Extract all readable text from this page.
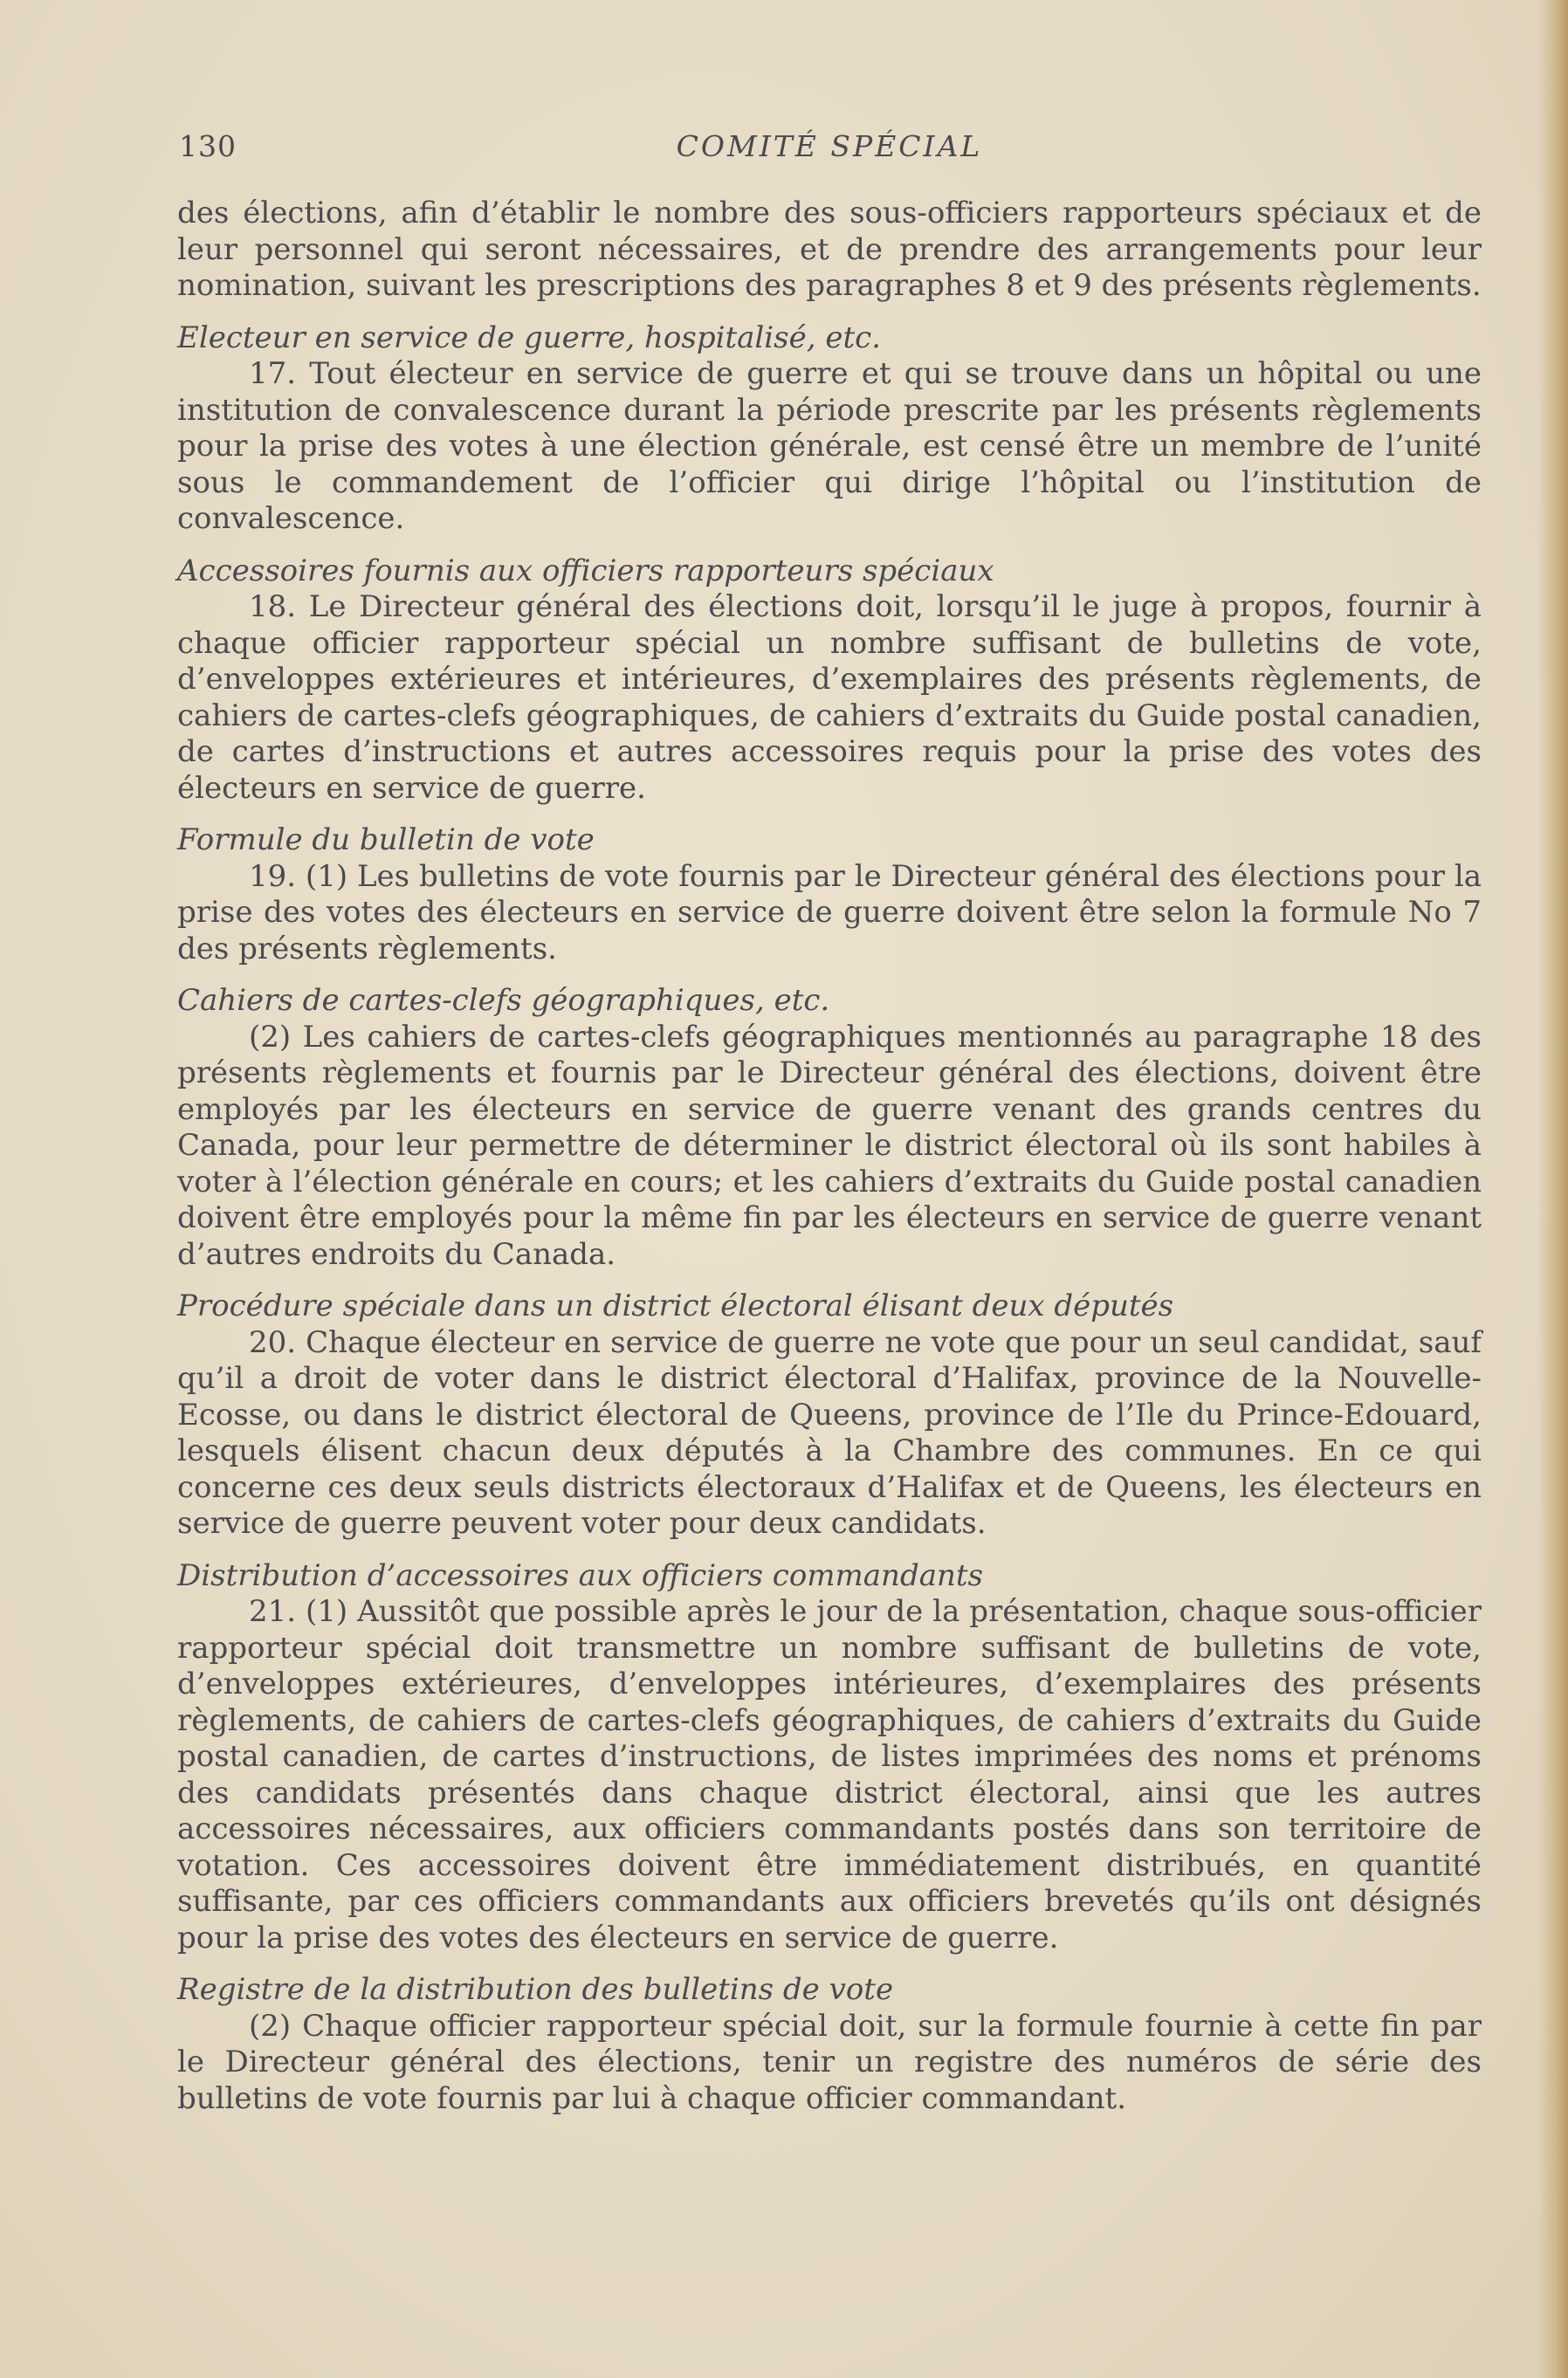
130	COMITÉ SPÉCIAL

des élections, afin d’établir le nombre des sous-officiers rapporteurs spéciaux et de leur personnel qui seront nécessaires, et de prendre des arrangements pour leur nomination, suivant les prescriptions des paragraphes 8 et 9 des présents règlements.

Electeur en service de guerre, hospitalisé, etc.

17. Tout électeur en service de guerre et qui se trouve dans un hôpital ou une institution de convalescence durant la période prescrite par les présents règlements pour la prise des votes à une élection générale, est censé être un membre de l’unité sous le commandement de l’officier qui dirige l’hôpital ou l’institution de convalescence.

Accessoires fournis aux officiers rapporteurs spéciaux

18. Le Directeur général des élections doit, lorsqu’il le juge à propos, fournir à chaque officier rapporteur spécial un nombre suffisant de bulletins de vote, d’enveloppes extérieures et intérieures, d’exemplaires des présents règlements, de cahiers de cartes-clefs géographiques, de cahiers d’extraits du Guide postal canadien, de cartes d’instructions et autres accessoires requis pour la prise des votes des électeurs en service de guerre.

Formule du bulletin de vote

19. (1) Les bulletins de vote fournis par le Directeur général des élections pour la prise des votes des électeurs en service de guerre doivent être selon la formule No 7 des présents règlements.

Cahiers de cartes-clefs géographiques, etc.

(2) Les cahiers de cartes-clefs géographiques mentionnés au paragraphe 18 des présents règlements et fournis par le Directeur général des élections, doivent être employés par les électeurs en service de guerre venant des grands centres du Canada, pour leur permettre de déterminer le district électoral où ils sont habiles à voter à l’élection générale en cours; et les cahiers d’extraits du Guide postal canadien doivent être employés pour la même fin par les électeurs en service de guerre venant d’autres endroits du Canada.

Procédure spéciale dans un district électoral élisant deux députés

20. Chaque électeur en service de guerre ne vote que pour un seul candidat, sauf qu’il a droit de voter dans le district électoral d’Halifax, province de la Nouvelle-Ecosse, ou dans le district électoral de Queens, province de l’Ile du Prince-Edouard, lesquels élisent chacun deux députés à la Chambre des communes. En ce qui concerne ces deux seuls districts électoraux d’Halifax et de Queens, les électeurs en service de guerre peuvent voter pour deux candidats.

Distribution d’accessoires aux officiers commandants

21. (1) Aussitôt que possible après le jour de la présentation, chaque sous-officier rapporteur spécial doit transmettre un nombre suffisant de bulletins de vote, d’enveloppes extérieures, d’enveloppes intérieures, d’exemplaires des présents règlements, de cahiers de cartes-clefs géographiques, de cahiers d’extraits du Guide postal canadien, de cartes d’instructions, de listes imprimées des noms et prénoms des candidats présentés dans chaque district électoral, ainsi que les autres accessoires nécessaires, aux officiers commandants postés dans son territoire de votation. Ces accessoires doivent être immédiatement distribués, en quantité suffisante, par ces officiers commandants aux officiers brevetés qu’ils ont désignés pour la prise des votes des électeurs en service de guerre.

Registre de la distribution des bulletins de vote

(2) Chaque officier rapporteur spécial doit, sur la formule fournie à cette fin par le Directeur général des élections, tenir un registre des numéros de série des bulletins de vote fournis par lui à chaque officier commandant.
